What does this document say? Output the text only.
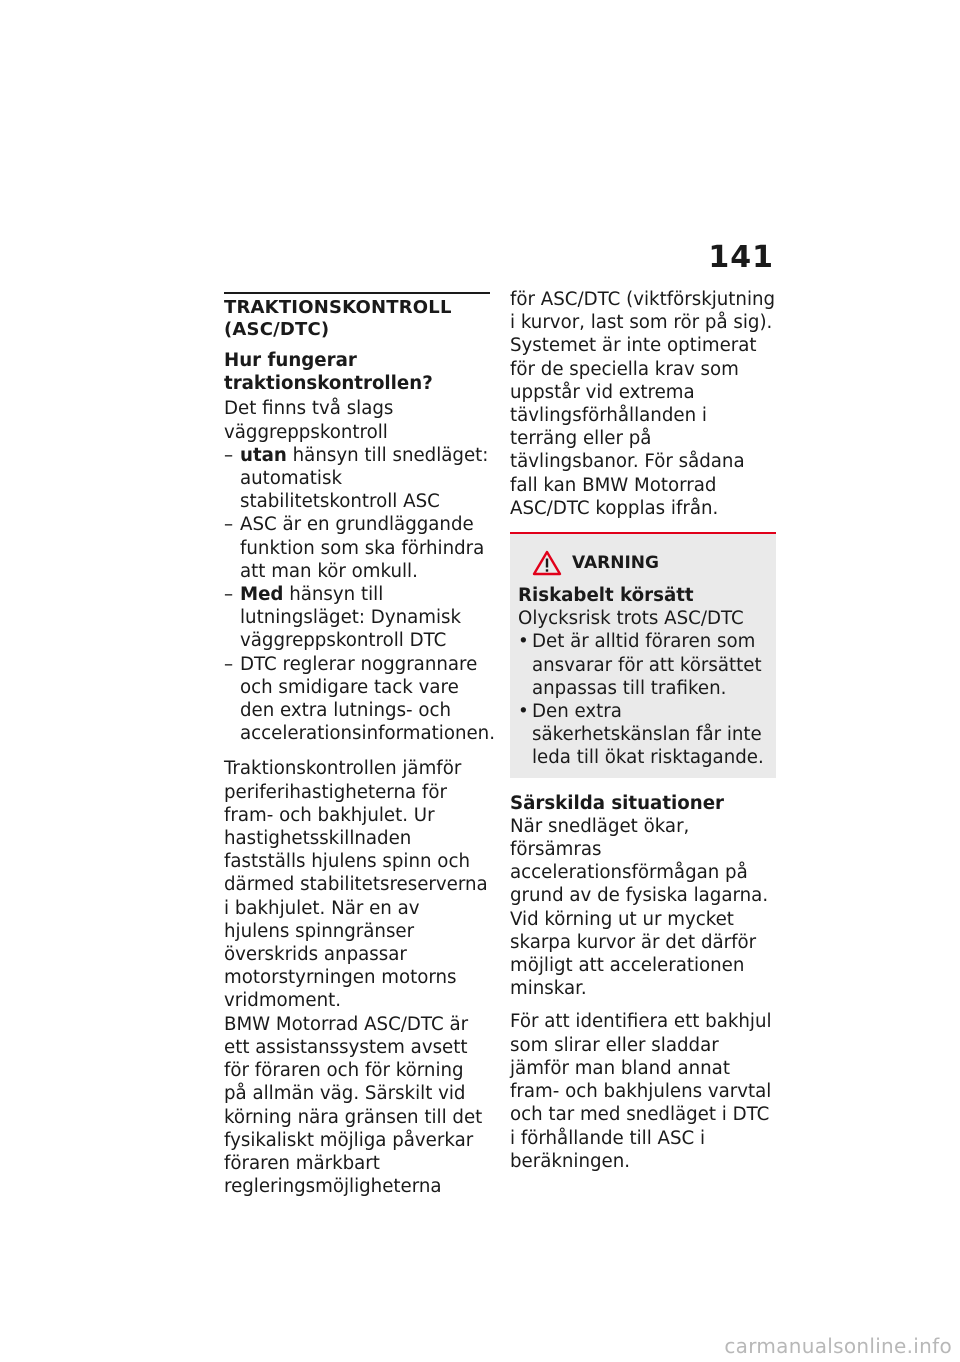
141
TRAKTIONSKONTROLL (ASC/DTC)

Hur fungerar traktionskontrollen?

Det finns två slags väggreppskontroll

– utan hänsyn till snedläget: automatisk stabilitetskontroll ASC
– ASC är en grundläggande funktion som ska förhindra att man kör omkull.
– Med hänsyn till lutningsläget: Dynamisk väggreppskontroll DTC
– DTC reglerar noggrannare och smidigare tack vare den extra lutnings- och accelerationsinformationen.

Traktionskontrollen jämför periferihastigheterna för fram- och bakhjulet. Ur hastighetsskillnaden fastställs hjulens spinn och därmed stabilitetsreserverna i bakhjulet. När en av hjulens spinngränser överskrids anpassar motorstyrningen motorns vridmoment.

BMW Motorrad ASC/DTC är ett assistanssystem avsett för föraren och för körning på allmän väg. Särskilt vid körning nära gränsen till det fysikaliskt möjliga påverkar föraren märkbart regleringsmöjligheterna

för ASC/DTC (viktförskjutning i kurvor, last som rör på sig). Systemet är inte optimerat för de speciella krav som uppstår vid extrema tävlingsförhållanden i terräng eller på tävlingsbanor. För sådana fall kan BMW Motorrad ASC/DTC kopplas ifrån.

VARNING

Riskabelt körsätt

Olycksrisk trots ASC/DTC

• Det är alltid föraren som ansvarar för att körsättet anpassas till trafiken.
• Den extra säkerhetskänslan får inte leda till ökat risktagande.

Särskilda situationer

När snedläget ökar, försämras accelerationsförmågan på grund av de fysiska lagarna. Vid körning ut ur mycket skarpa kurvor är det därför möjligt att accelerationen minskar.

För att identifiera ett bakhjul som slirar eller sladdar jämför man bland annat fram- och bakhjulens varvtal och tar med snedläget i DTC i förhållande till ASC i beräkningen.

carmanualsonline.info
